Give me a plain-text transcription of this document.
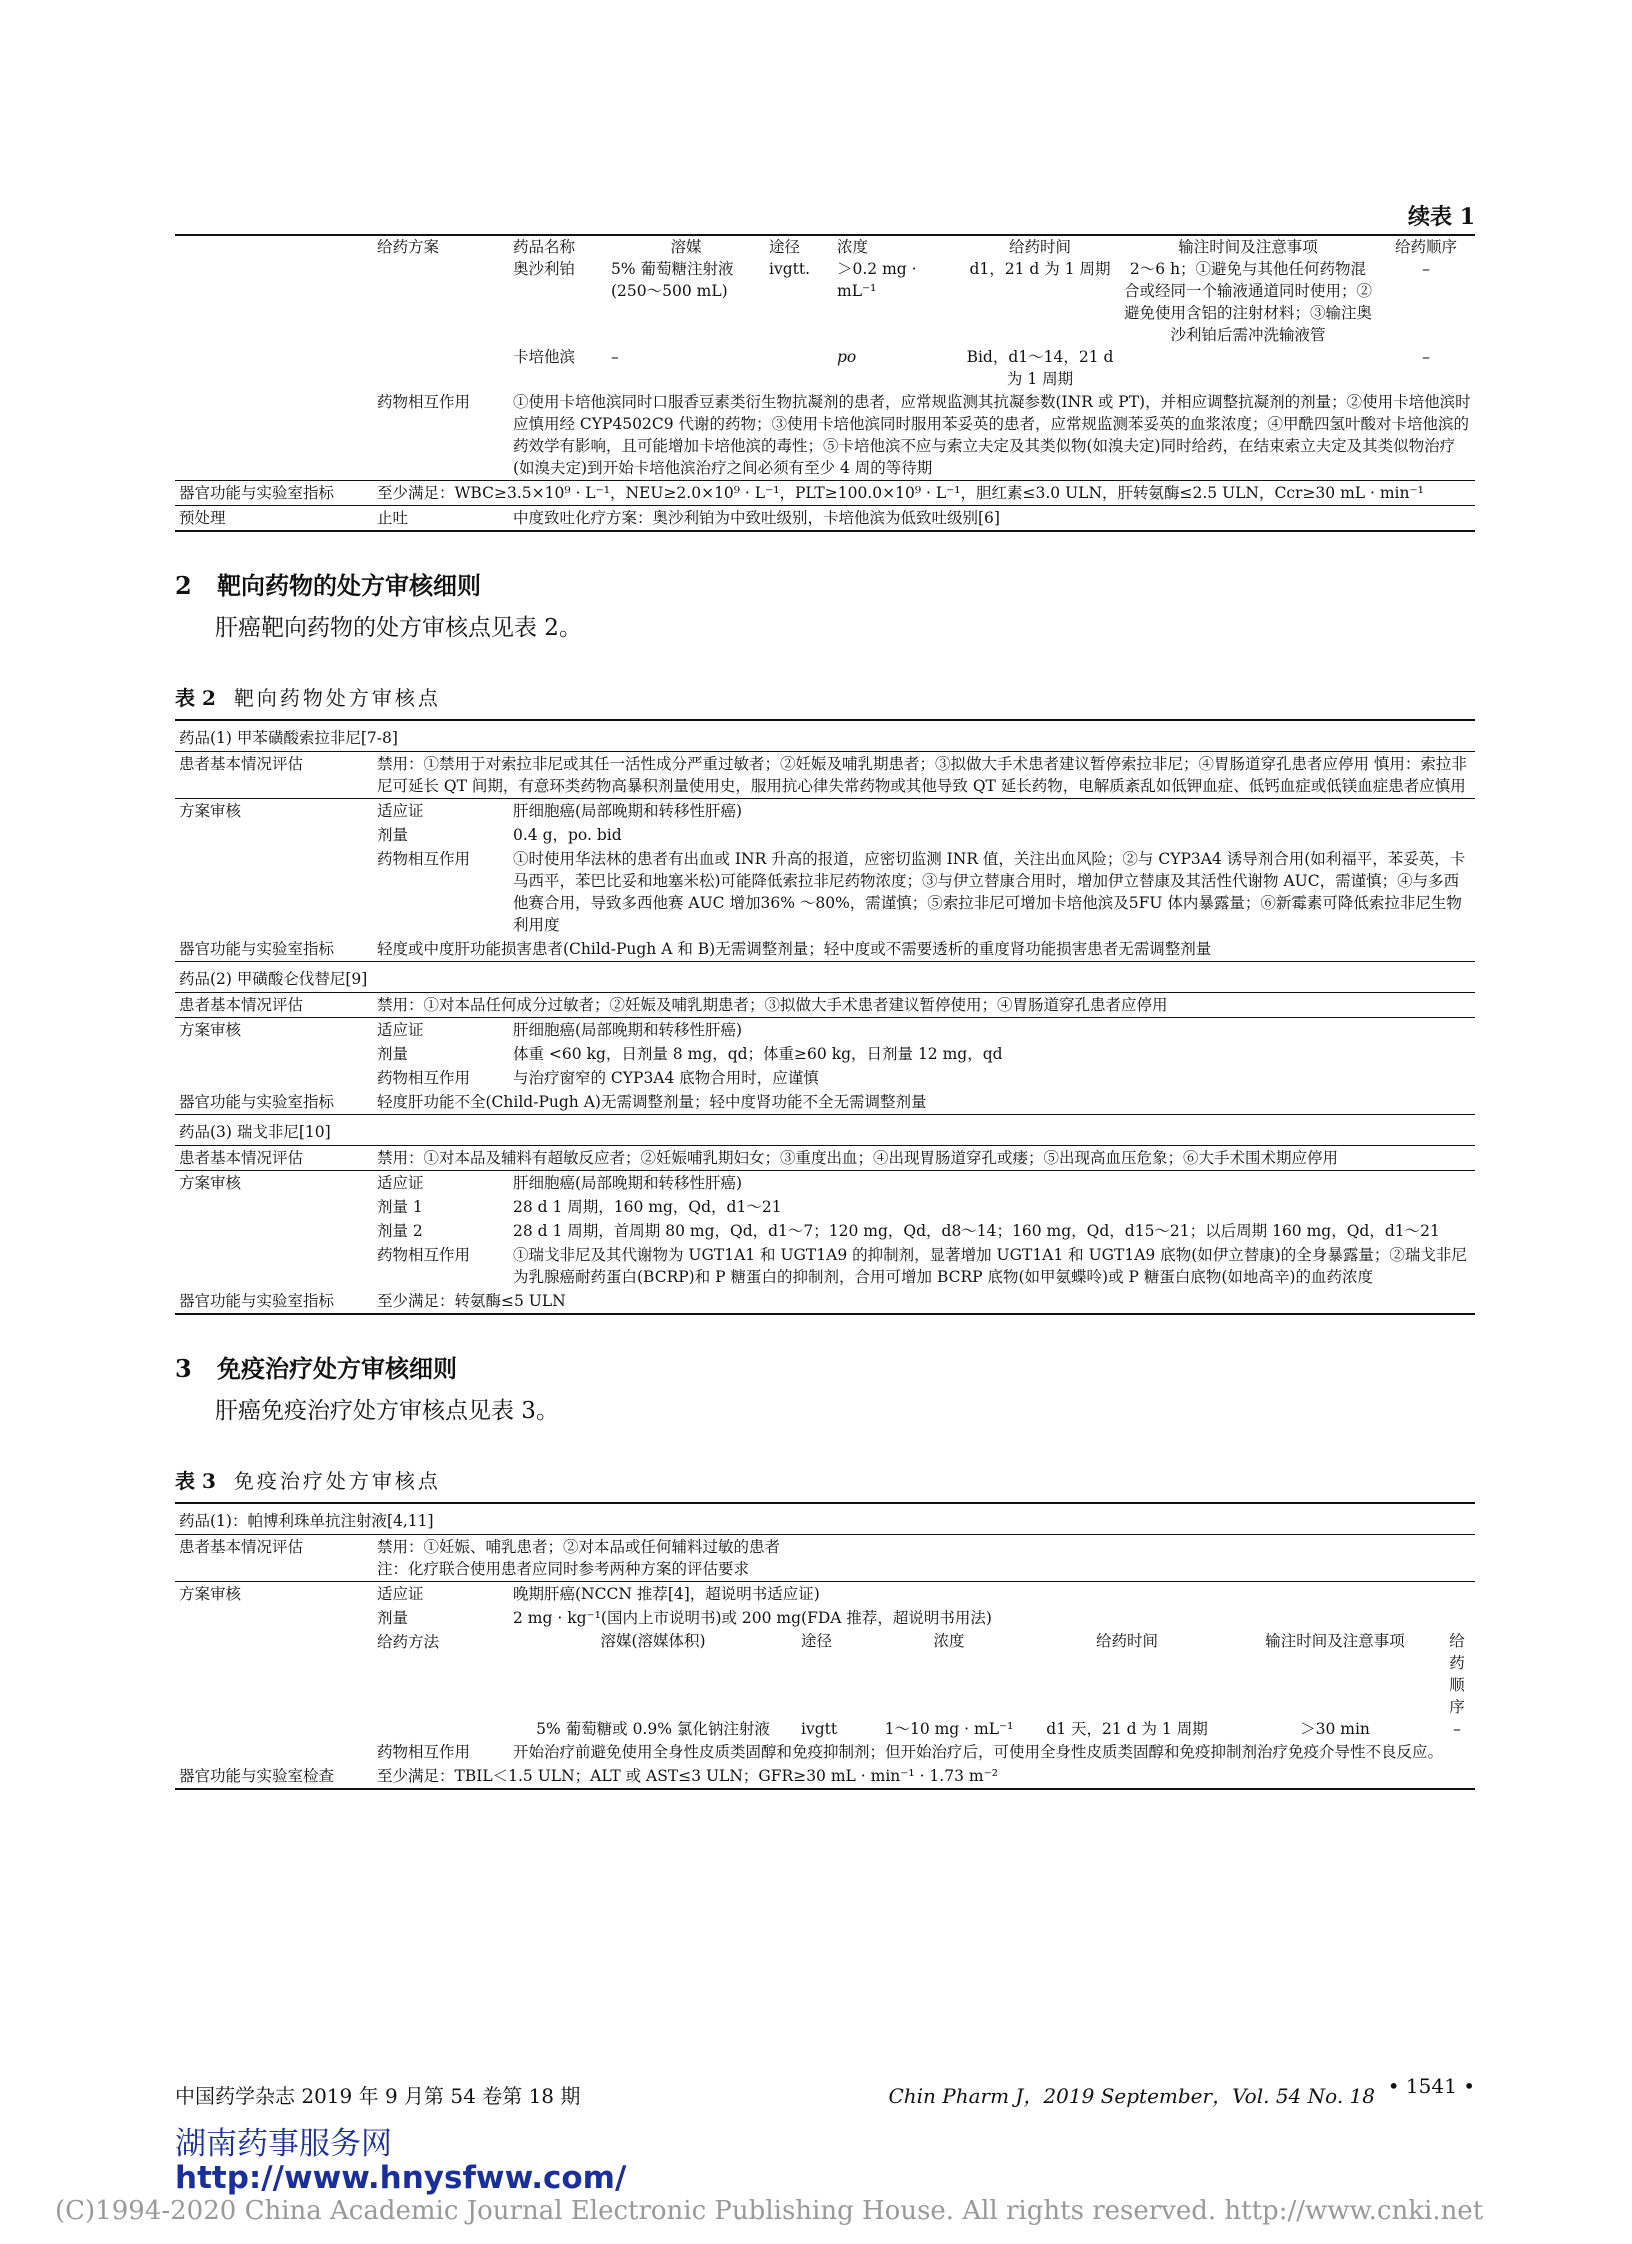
续表 1

给药方案	药品名称	溶媒	途径	浓度	给药时间	输注时间及注意事项	给药顺序
	奥沙利铂	5% 葡萄糖注射液(250～500 mL)	ivgtt.	＞0.2 mg · mL⁻¹	d1，21 d 为 1 周期	2～6 h；①避免与其他任何药物混合或经同一个输液通道同时使用；②避免使用含铝的注射材料；③输注奥沙利铂后需冲洗输液管	–
	卡培他滨	–		po	Bid，d1～14，21 d 为 1 周期		–

	药物相互作用	①使用卡培他滨同时口服香豆素类衍生物抗凝剂的患者，应常规监测其抗凝参数(INR 或 PT)，并相应调整抗凝剂的剂量；②使用卡培他滨时应慎用经 CYP4502C9 代谢的药物；③使用卡培他滨同时服用苯妥英的患者，应常规监测苯妥英的血浆浓度；④甲酰四氢叶酸对卡培他滨的药效学有影响，且可能增加卡培他滨的毒性；⑤卡培他滨不应与索立夫定及其类似物(如溴夫定)同时给药，在结束索立夫定及其类似物治疗(如溴夫定)到开始卡培他滨治疗之间必须有至少 4 周的等待期
器官功能与实验室指标	至少满足：WBC≥3.5×10⁹ · L⁻¹，NEU≥2.0×10⁹ · L⁻¹，PLT≥100.0×10⁹ · L⁻¹，胆红素≤3.0 ULN，肝转氨酶≤2.5 ULN，Ccr≥30 mL · min⁻¹
预处理	止吐	中度致吐化疗方案：奥沙利铂为中致吐级别，卡培他滨为低致吐级别[6]
2 靶向药物的处方审核细则
肝癌靶向药物的处方审核点见表 2。
表 2 靶向药物处方审核点
药品(1) 甲苯磺酸索拉非尼[7-8]		
患者基本情况评估	禁用：①禁用于对索拉非尼或其任一活性成分严重过敏者；②妊娠及哺乳期患者；③拟做大手术患者建议暂停索拉非尼；④胃肠道穿孔患者应停用 慎用：索拉非尼可延长 QT 间期，有意环类药物高暴积剂量使用史，服用抗心律失常药物或其他导致 QT 延长药物，电解质紊乱如低钾血症、低钙血症或低镁血症患者应慎用	
方案审核	适应证	肝细胞癌(局部晚期和转移性肝癌)
	剂量	0.4 g，po. bid
	药物相互作用	①时使用华法林的患者有出血或 INR 升高的报道，应密切监测 INR 值，关注出血风险；②与 CYP3A4 诱导剂合用(如利福平，苯妥英，卡马西平，苯巴比妥和地塞米松)可能降低索拉非尼药物浓度；③与伊立替康合用时，增加伊立替康及其活性代谢物 AUC，需谨慎；④与多西他赛合用，导致多西他赛 AUC 增加36% ～80%，需谨慎；⑤索拉非尼可增加卡培他滨及5FU 体内暴露量；⑥新霉素可降低索拉非尼生物利用度
器官功能与实验室指标	轻度或中度肝功能损害患者(Child-Pugh A 和 B)无需调整剂量；轻中度或不需要透析的重度肾功能损害患者无需调整剂量	
药品(2) 甲磺酸仑伐替尼[9]		
患者基本情况评估	禁用：①对本品任何成分过敏者；②妊娠及哺乳期患者；③拟做大手术患者建议暂停使用；④胃肠道穿孔患者应停用	
方案审核	适应证	肝细胞癌(局部晚期和转移性肝癌)
	剂量	体重 <60 kg，日剂量 8 mg，qd；体重≥60 kg，日剂量 12 mg，qd
	药物相互作用	与治疗窗窄的 CYP3A4 底物合用时，应谨慎
器官功能与实验室指标	轻度肝功能不全(Child-Pugh A)无需调整剂量；轻中度肾功能不全无需调整剂量	
药品(3) 瑞戈非尼[10]		
患者基本情况评估	禁用：①对本品及辅料有超敏反应者；②妊娠哺乳期妇女；③重度出血；④出现胃肠道穿孔或瘘；⑤出现高血压危象；⑥大手术围术期应停用	
方案审核	适应证	肝细胞癌(局部晚期和转移性肝癌)
	剂量 1	28 d 1 周期，160 mg，Qd，d1～21
	剂量 2	28 d 1 周期，首周期 80 mg，Qd，d1～7；120 mg，Qd，d8～14；160 mg，Qd，d15～21；以后周期 160 mg，Qd，d1～21
	药物相互作用	①瑞戈非尼及其代谢物为 UGT1A1 和 UGT1A9 的抑制剂，显著增加 UGT1A1 和 UGT1A9 底物(如伊立替康)的全身暴露量；②瑞戈非尼为乳腺癌耐药蛋白(BCRP)和 P 糖蛋白的抑制剂，合用可增加 BCRP 底物(如甲氨蝶呤)或 P 糖蛋白底物(如地高辛)的血药浓度
器官功能与实验室指标	至少满足：转氨酶≤5 ULN	
3 免疫治疗处方审核细则
肝癌免疫治疗处方审核点见表 3。
表 3 免疫治疗处方审核点
药品(1)：帕博利珠单抗注射液[4,11]
患者基本情况评估	禁用：①妊娠、哺乳患者；②对本品或任何辅料过敏的患者
注：化疗联合使用患者应同时参考两种方案的评估要求

方案审核	适应证	晚期肝癌(NCCN 推荐[4]，超说明书适应证)
	剂量	2 mg · kg⁻¹(国内上市说明书)或 200 mg(FDA 推荐，超说明书用法)
	给药方法		溶媒(溶媒体积)	途径	浓度	给药时间	输注时间及注意事项	给药顺序
5% 葡萄糖或 0.9% 氯化钠注射液	ivgtt	1～10 mg · mL⁻¹	d1 天，21 d 为 1 周期	＞30 min	–

	药物相互作用	开始治疗前避免使用全身性皮质类固醇和免疫抑制剂；但开始治疗后，可使用全身性皮质类固醇和免疫抑制剂治疗免疫介导性不良反应。
器官功能与实验室检查	至少满足：TBIL＜1.5 ULN；ALT 或 AST≤3 ULN；GFR≥30 mL · min⁻¹ · 1.73 m⁻²
中国药学杂志 2019 年 9 月第 54 卷第 18 期	Chin Pharm J，2019 September，Vol. 54 No. 18 • 1541 •
湖南药事服务网
http://www.hnysfww.com/
(C)1994-2020 China Academic Journal Electronic Publishing House. All rights reserved. http://www.cnki.net
